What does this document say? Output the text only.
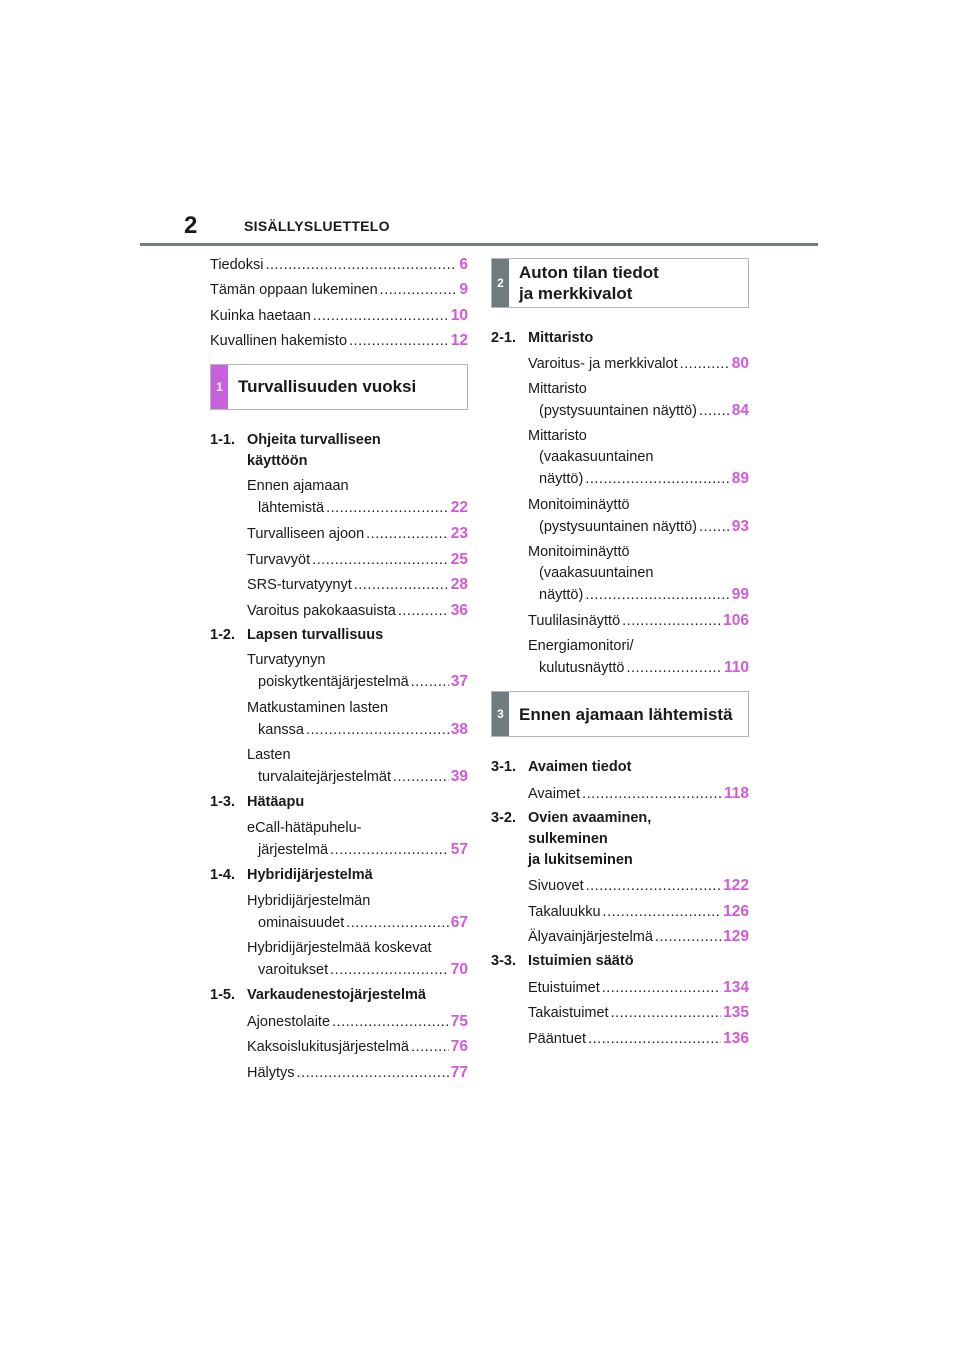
2	SISÄLLYSLUETTELO
Tiedoksi .....	6
Tämän oppaan lukeminen .....	9
Kuinka haetaan .....	10
Kuvallinen hakemisto .....	12
1 Turvallisuuden vuoksi
1-1. Ohjeita turvalliseen
käyttöön
Ennen ajamaan
lähtemistä .....	22
Turvalliseen ajoon .....	23
Turvavyöt .....	25
SRS-turvatyynyt .....	28
Varoitus pakokaasuista .....	36
1-2. Lapsen turvallisuus
Turvatyynyn
poiskytkentäjärjestelmä .....	37
Matkustaminen lasten
kanssa .....	38
Lasten
turvalaitejärjestelmät .....	39
1-3. Hätäapu
eCall-hätäpuhelu-
järjestelmä .....	57
1-4. Hybridijärjestelmä
Hybridijärjestelmän
ominaisuudet .....	67
Hybridijärjestelmää koskevat
varoitukset .....	70
1-5. Varkaudenestojärjestelmä
Ajonestolaite .....	75
Kaksoislukitusjärjestelmä .....	76
Hälytys .....	77
2
Auton tilan tiedot
ja merkkivalot
2-1. Mittaristo
Varoitus- ja merkkivalot .....	80
Mittaristo
(pystysuuntainen näyttö) ..... 84
Mittaristo
(vaakasuuntainen
näyttö) .....	89
Monitoiminäyttö
(pystysuuntainen näyttö) ..... 93
Monitoiminäyttö
(vaakasuuntainen
näyttö) .....	99
Tuulilasinäyttö .....	106
Energiamonitori/
kulutusnäyttö .....	110
3 Ennen ajamaan lähtemistä
3-1. Avaimen tiedot
Avaimet .....	118
3-2. Ovien avaaminen,
sulkeminen
ja lukitseminen
Sivuovet .....	122
Takaluukku .....	126
Älyavainjärjestelmä .....	129
3-3. Istuimien säätö
Etuistuimet .....	134
Takaistuimet .....	135
Pääntuet .....	136
